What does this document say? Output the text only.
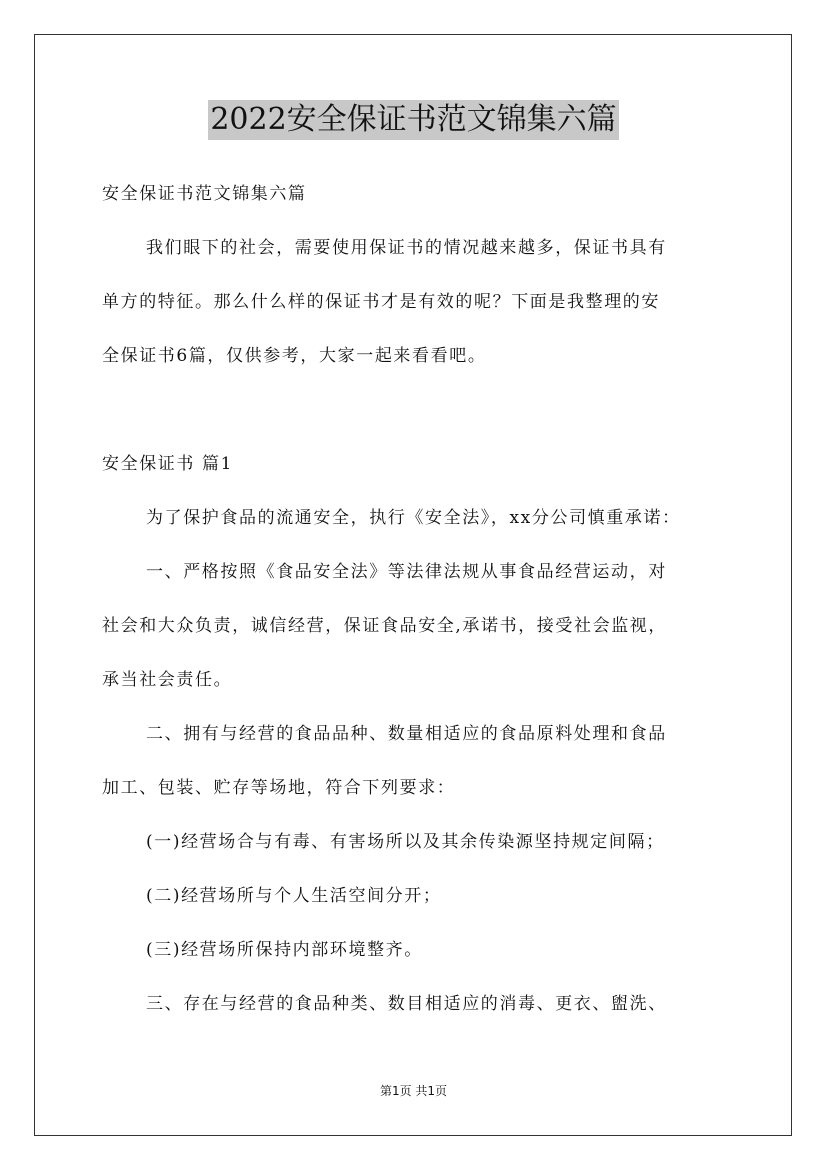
2022安全保证书范文锦集六篇
安全保证书范文锦集六篇
我们眼下的社会，需要使用保证书的情况越来越多，保证书具有
单方的特征。那么什么样的保证书才是有效的呢？下面是我整理的安
全保证书6篇，仅供参考，大家一起来看看吧。
安全保证书 篇1
为了保护食品的流通安全，执行《安全法》，xx分公司慎重承诺：
一、严格按照《食品安全法》等法律法规从事食品经营运动，对
社会和大众负责，诚信经营，保证食品安全,承诺书，接受社会监视，
承当社会责任。
二、拥有与经营的食品品种、数量相适应的食品原料处理和食品
加工、包装、贮存等场地，符合下列要求：
(一)经营场合与有毒、有害场所以及其余传染源坚持规定间隔；
(二)经营场所与个人生活空间分开；
(三)经营场所保持内部环境整齐。
三、存在与经营的食品种类、数目相适应的消毒、更衣、盥洗、
第1页 共1页
